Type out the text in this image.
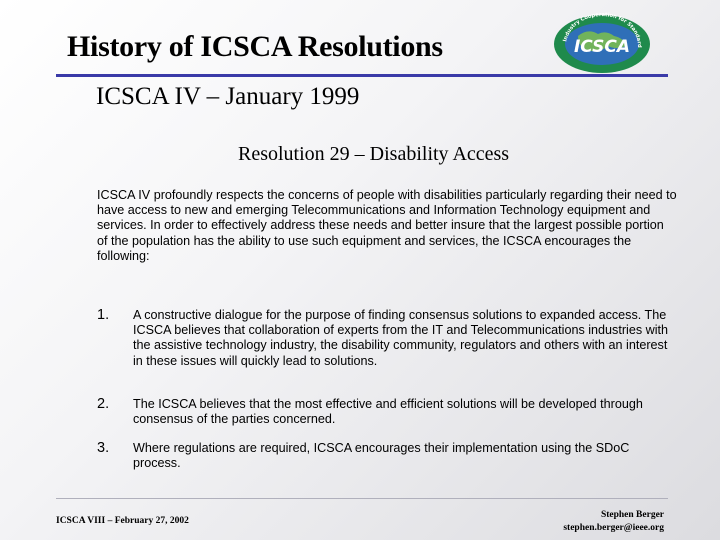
History of ICSCA Resolutions	Industry Cooperation for Standard
ICSCA
ICSCA IV – January 1999
Resolution 29 – Disability Access
ICSCA IV profoundly respects the concerns of people with disabilities particularly regarding their need to have access to new and emerging Telecommunications and Information Technology equipment and services. In order to effectively address these needs and better insure that the largest possible portion of the population has the ability to use such equipment and services, the ICSCA encourages the following:
1. A constructive dialogue for the purpose of finding consensus solutions to expanded access. The ICSCA believes that collaboration of experts from the IT and Telecommunications industries with the assistive technology industry, the disability community, regulators and others with an interest in these issues will quickly lead to solutions.
2. The ICSCA believes that the most effective and efficient solutions will be developed through consensus of the parties concerned.
3. Where regulations are required, ICSCA encourages their implementation using the SDoC process.
ICSCA VIII – February 27, 2002
Stephen Berger
stephen.berger@ieee.org
